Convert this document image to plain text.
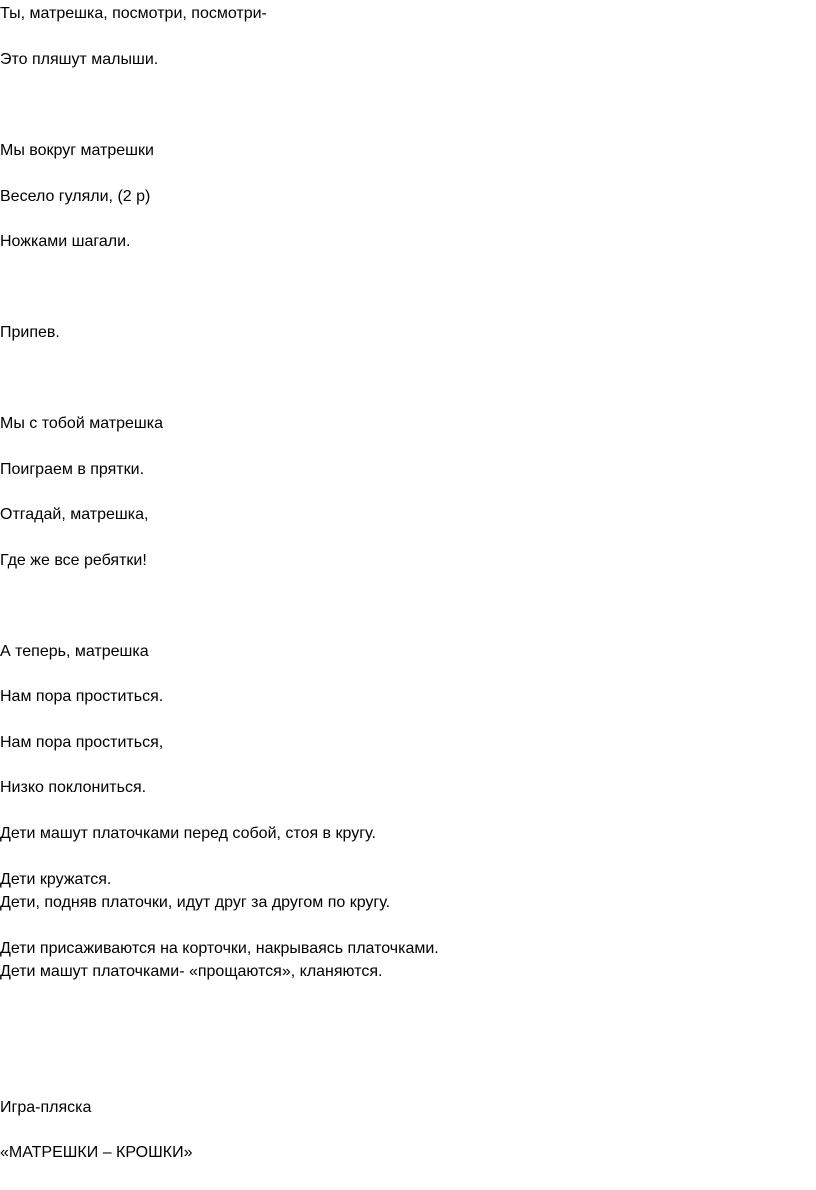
Ты, матрешка, посмотри, посмотри-
Это пляшут малыши.
Мы вокруг матрешки
Весело гуляли, (2 р)
Ножками шагали.
Припев.
Мы с тобой матрешка
Поиграем в прятки.
Отгадай, матрешка,
Где же все ребятки!
А теперь, матрешка
Нам пора проститься.
Нам пора проститься,
Низко поклониться.
Дети машут платочками перед собой, стоя в кругу.
Дети кружатся.
Дети, подняв платочки, идут друг за другом по кругу.
Дети присаживаются на корточки, накрываясь платочками.
Дети машут платочками- «прощаются», кланяются.
Игра-пляска
«МАТРЕШКИ – КРОШКИ»
